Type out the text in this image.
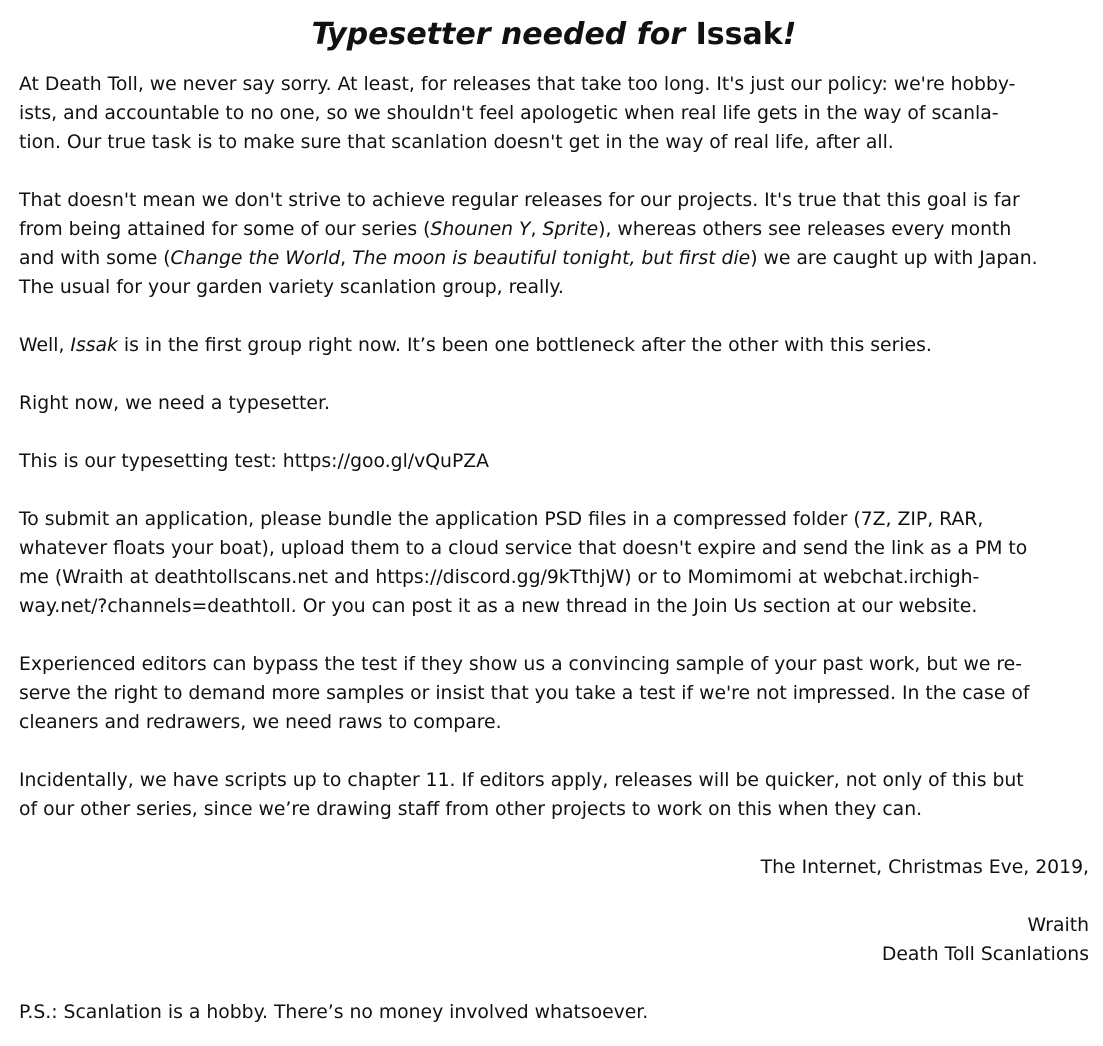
Typesetter needed for Issak!

At Death Toll, we never say sorry. At least, for releases that take too long. It's just our policy: we're hobby-
ists, and accountable to no one, so we shouldn't feel apologetic when real life gets in the way of scanla-
tion. Our true task is to make sure that scanlation doesn't get in the way of real life, after all.

That doesn't mean we don't strive to achieve regular releases for our projects. It's true that this goal is far
from being attained for some of our series (Shounen Y, Sprite), whereas others see releases every month
and with some (Change the World, The moon is beautiful tonight, but first die) we are caught up with Japan.
The usual for your garden variety scanlation group, really.

Well, Issak is in the first group right now. It’s been one bottleneck after the other with this series.

Right now, we need a typesetter.

This is our typesetting test: https://goo.gl/vQuPZA

To submit an application, please bundle the application PSD files in a compressed folder (7Z, ZIP, RAR,
whatever floats your boat), upload them to a cloud service that doesn't expire and send the link as a PM to
me (Wraith at deathtollscans.net and https://discord.gg/9kTthjW) or to Momimomi at webchat.irchigh-
way.net/?channels=deathtoll. Or you can post it as a new thread in the Join Us section at our website.

Experienced editors can bypass the test if they show us a convincing sample of your past work, but we re-
serve the right to demand more samples or insist that you take a test if we're not impressed. In the case of
cleaners and redrawers, we need raws to compare.

Incidentally, we have scripts up to chapter 11. If editors apply, releases will be quicker, not only of this but
of our other series, since we’re drawing staff from other projects to work on this when they can.

The Internet, Christmas Eve, 2019,

Wraith
Death Toll Scanlations

P.S.: Scanlation is a hobby. There’s no money involved whatsoever.
